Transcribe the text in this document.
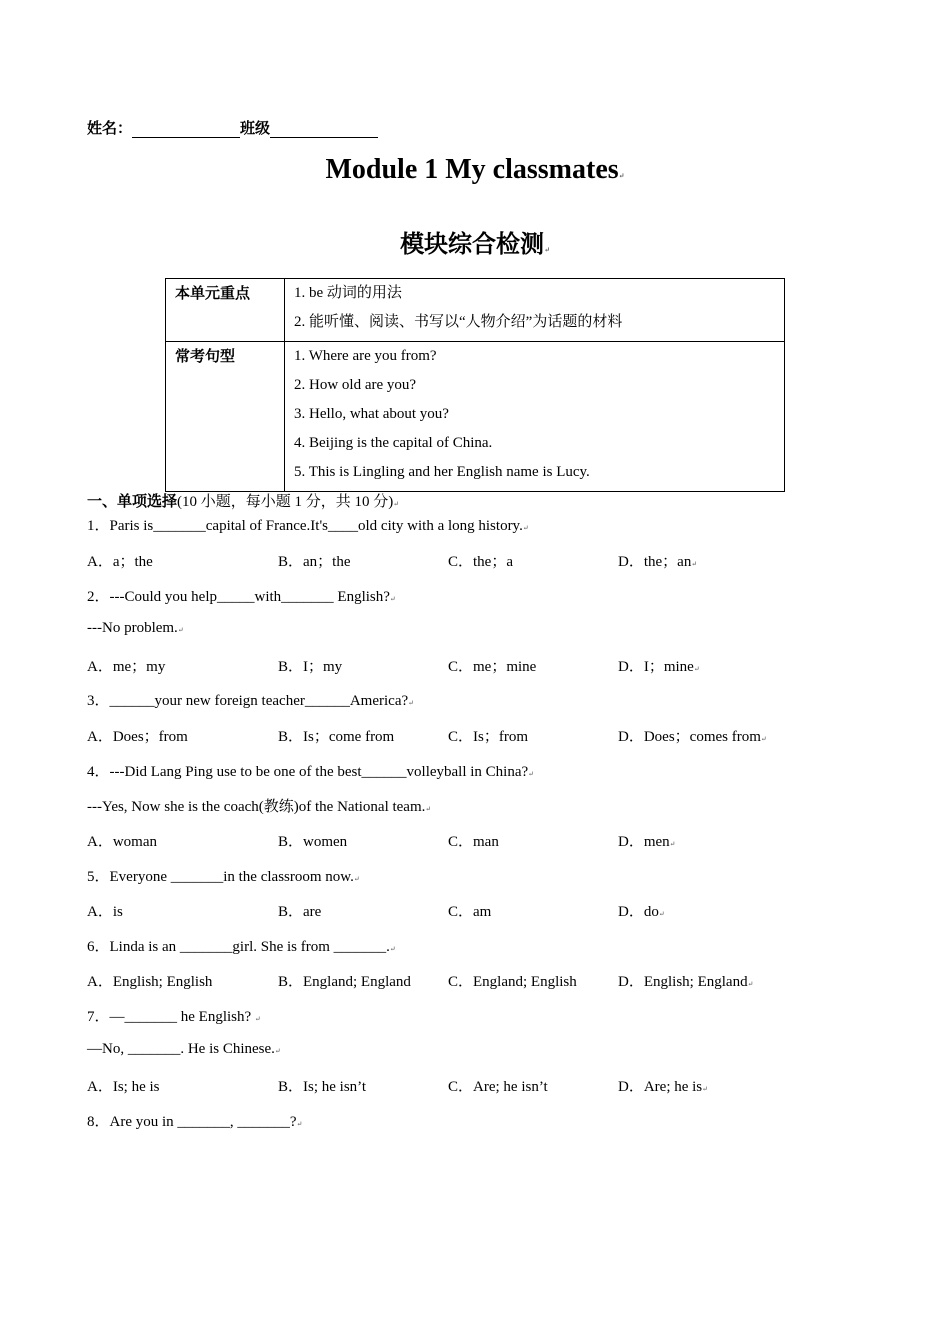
姓名：	班级
Module 1 My classmates↵
模块综合检测↵
本单元重点	1. be 动词的用法
2. 能听懂、阅读、书写以“人物介绍”为话题的材料

常考句型	1. Where are you from?
2. How old are you?
3. Hello, what about you?
4. Beijing is the capital of China.
5. This is Lingling and her English name is Lucy.
一、单项选择(10 小题，每小题 1 分，共 10 分)↵
1．Paris is_______capital of France.It's____old city with a long history.↵
A．a；the	B．an；the	C．the；a	D．the；an↵
2．---Could you help_____with_______ English?↵
---No problem.↵
A．me；my	B．I；my	C．me；mine	D．I；mine↵
3．______your new foreign teacher______America?↵
A．Does；from	B．Is；come from	C．Is；from	D．Does；comes from↵
4．---Did Lang Ping use to be one of the best______volleyball in China?↵
---Yes, Now she is the coach(教练)of the National team.↵
A．woman	B．women	C．man	D．men↵
5．Everyone _______in the classroom now.↵
A．is	B．are	C．am	D．do↵
6．Linda is an _______girl. She is from _______.↵
A．English; English	B．England; England C．England; English	D．English; England↵
7．—_______ he English? ↵
—No, _______. He is Chinese.↵
A．Is; he is	B．Is; he isn’t	C．Are; he isn’t	D．Are; he is↵
8．Are you in _______, _______?↵
